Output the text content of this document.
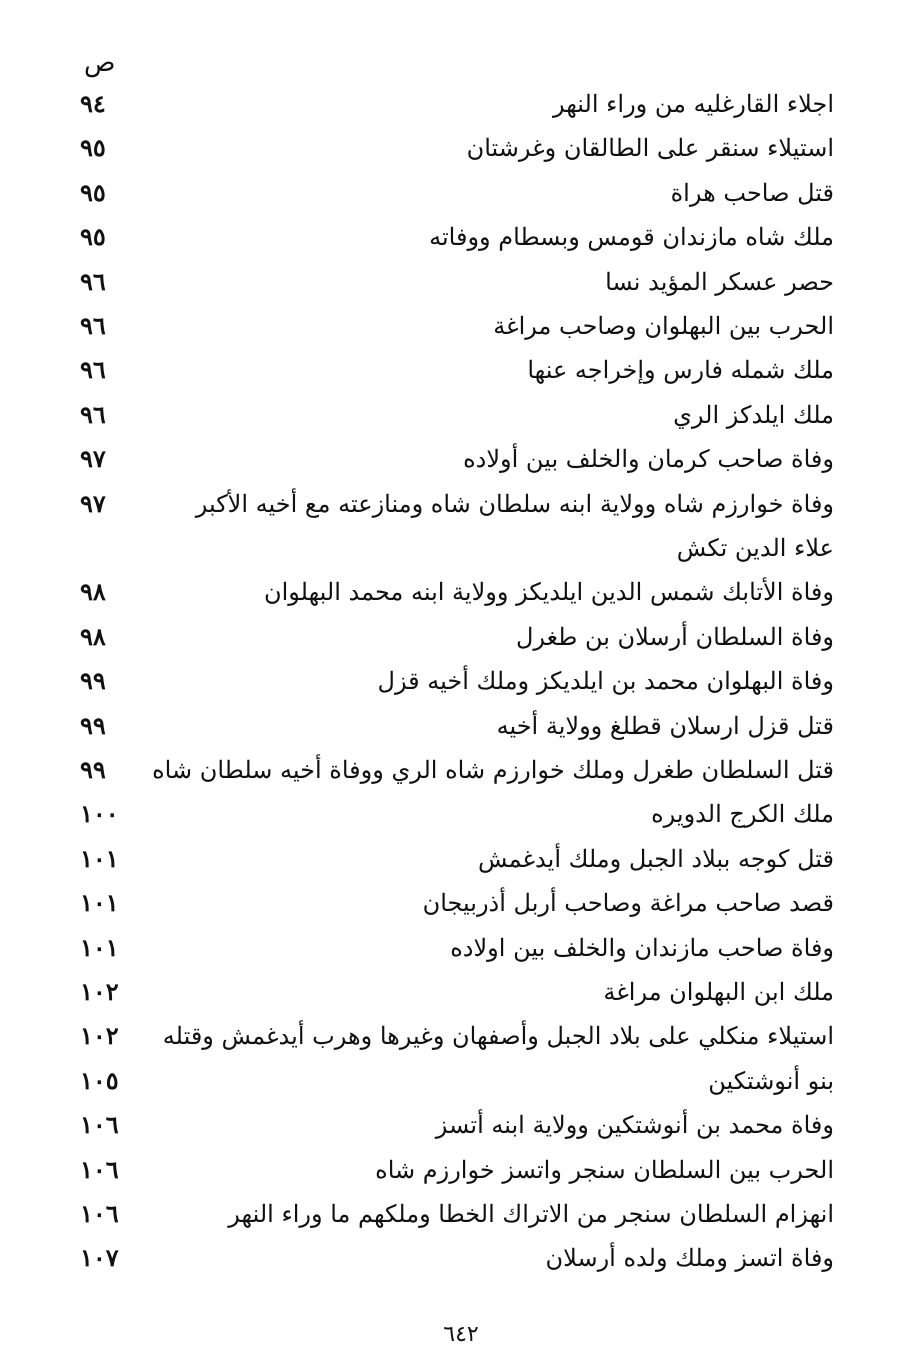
ص
اجلاء القارغليه من وراء النهر
٩٤
استيلاء سنقر على الطالقان وغرشتان
٩٥
قتل صاحب هراة
٩٥
ملك شاه مازندان قومس وبسطام ووفاته
٩٥
حصر عسكر المؤيد نسا
٩٦
الحرب بين البهلوان وصاحب مراغة
٩٦
ملك شمله فارس وإخراجه عنها
٩٦
ملك ايلدكز الري
٩٦
وفاة صاحب كرمان والخلف بين أولاده
٩٧
وفاة خوارزم شاه وولاية ابنه سلطان شاه ومنازعته مع أخيه الأكبر
٩٧
علاء الدين تكش
وفاة الأتابك شمس الدين ايلديكز وولاية ابنه محمد البهلوان
٩٨
وفاة السلطان أرسلان بن طغرل
٩٨
وفاة البهلوان محمد بن ايلديكز وملك أخيه قزل
٩٩
قتل قزل ارسلان قطلغ وولاية أخيه
٩٩
قتل السلطان طغرل وملك خوارزم شاه الري ووفاة أخيه سلطان شاه
٩٩
ملك الكرج الدويره
١٠٠
قتل كوجه ببلاد الجبل وملك أيدغمش
١٠١
قصد صاحب مراغة وصاحب أربل أذربيجان
١٠١
وفاة صاحب مازندان والخلف بين اولاده
١٠١
ملك ابن البهلوان مراغة
١٠٢
استيلاء منكلي على بلاد الجبل وأصفهان وغيرها وهرب أيدغمش وقتله
١٠٢
بنو أنوشتكين
١٠٥
وفاة محمد بن أنوشتكين وولاية ابنه أتسز
١٠٦
الحرب بين السلطان سنجر واتسز خوارزم شاه
١٠٦
انهزام السلطان سنجر من الاتراك الخطا وملكهم ما وراء النهر
١٠٦
وفاة اتسز وملك ولده أرسلان
١٠٧
٦٤٢
